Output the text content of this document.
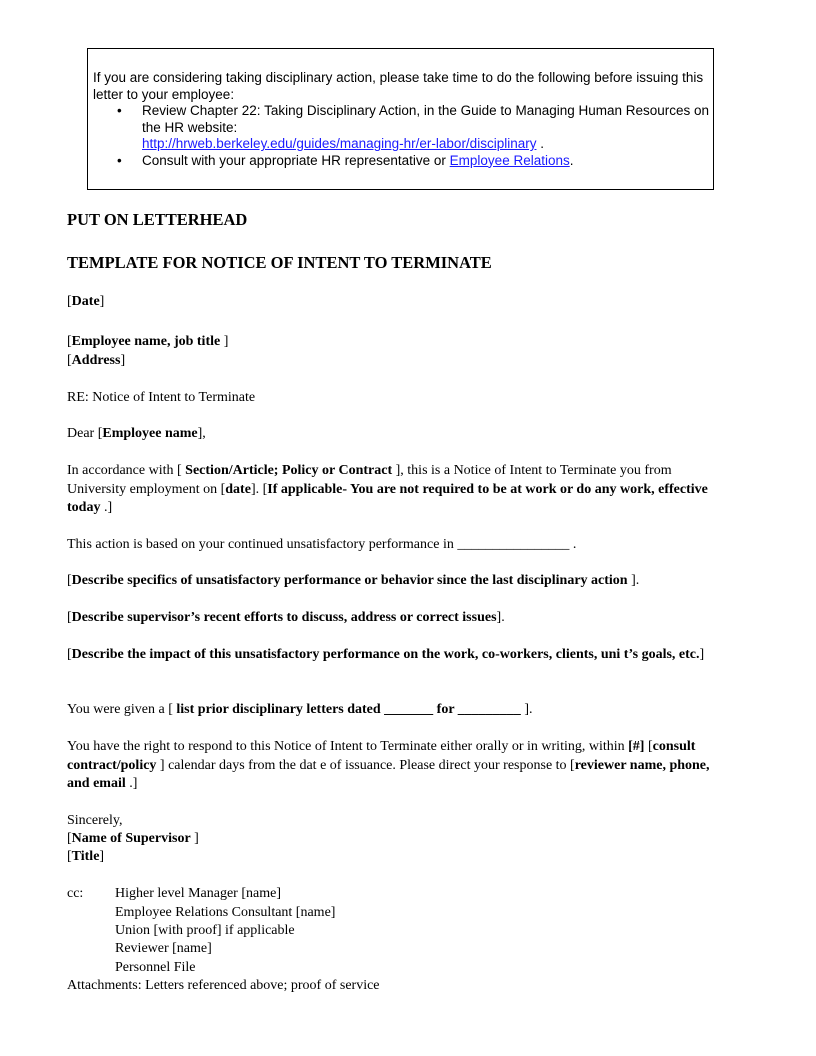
If you are considering taking disciplinary action, please take time to do the following before issuing this letter to your employee:

• Review Chapter 22: Taking Disciplinary Action, in the Guide to Managing Human Resources on the HR website:
http://hrweb.berkeley.edu/guides/managing-hr/er-labor/disciplinary .
• Consult with your appropriate HR representative or Employee Relations.
PUT ON LETTERHEAD
TEMPLATE FOR NOTICE OF INTENT TO TERMINATE
[Date]
[Employee name, job title ]
[Address]
RE: Notice of Intent to Terminate
Dear [Employee name],
In accordance with [ Section/Article; Policy or Contract ], this is a Notice of Intent to Terminate you from University employment on [date]. [If applicable- You are not required to be at work or do any work, effective today .]
This action is based on your continued unsatisfactory performance in ________________ .
[Describe specifics of unsatisfactory performance or behavior since the last disciplinary action ].
[Describe supervisor’s recent efforts to discuss, address or correct issues].
[Describe the impact of this unsatisfactory performance on the work, co-workers, clients, uni t’s goals, etc.]
You were given a [ list prior disciplinary letters dated _______ for _________ ].
You have the right to respond to this Notice of Intent to Terminate either orally or in writing, within [#] [consult contract/policy ] calendar days from the dat e of issuance. Please direct your response to [reviewer name, phone, and email .]
Sincerely,
[Name of Supervisor ]
[Title]
cc: Higher level Manager [name]
Employee Relations Consultant [name]
Union [with proof] if applicable
Reviewer [name]
Personnel File
Attachments: Letters referenced above; proof of service
